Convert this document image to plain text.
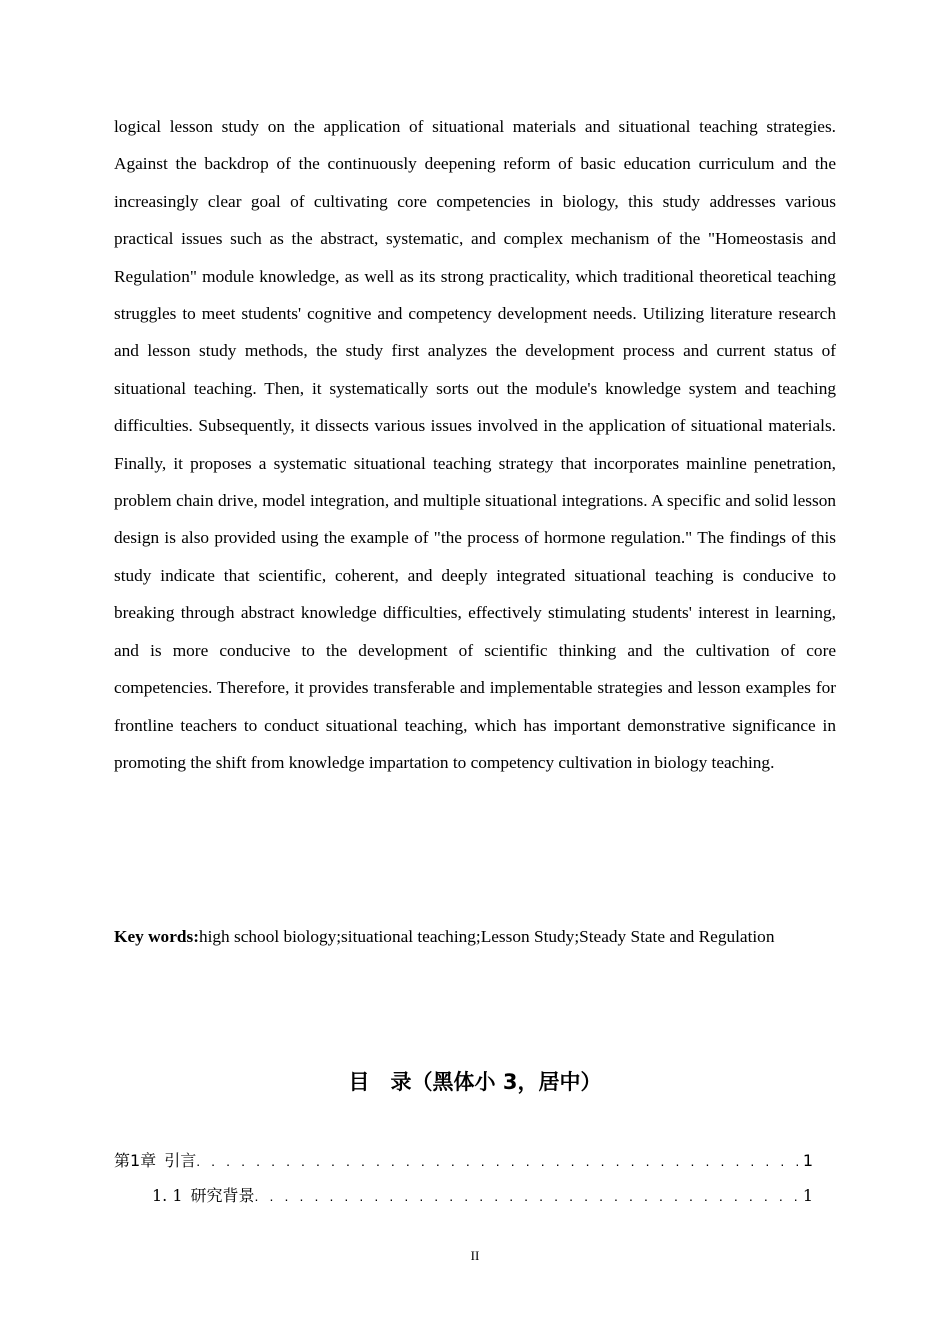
logical lesson study on the application of situational materials and situational teaching strategies. Against the backdrop of the continuously deepening reform of basic education curriculum and the increasingly clear goal of cultivating core competencies in biology, this study addresses various practical issues such as the abstract, systematic, and complex mechanism of the "Homeostasis and Regulation" module knowledge, as well as its strong practicality, which traditional theoretical teaching struggles to meet students' cognitive and competency development needs. Utilizing literature research and lesson study methods, the study first analyzes the development process and current status of situational teaching. Then, it systematically sorts out the module's knowledge system and teaching difficulties. Subsequently, it dissects various issues involved in the application of situational materials. Finally, it proposes a systematic situational teaching strategy that incorporates mainline penetration, problem chain drive, model integration, and multiple situational integrations. A specific and solid lesson design is also provided using the example of "the process of hormone regulation." The findings of this study indicate that scientific, coherent, and deeply integrated situational teaching is conducive to breaking through abstract knowledge difficulties, effectively stimulating students' interest in learning, and is more conducive to the development of scientific thinking and the cultivation of core competencies. Therefore, it provides transferable and implementable strategies and lesson examples for frontline teachers to conduct situational teaching, which has important demonstrative significance in promoting the shift from knowledge impartation to competency cultivation in biology teaching.

Key words:high school biology;situational teaching;Lesson Study;Steady State and Regulation

目　录（黑体小 3，居中）
第1章 引言 . . .	1
1. 1 研究背景 . . .	1
II
